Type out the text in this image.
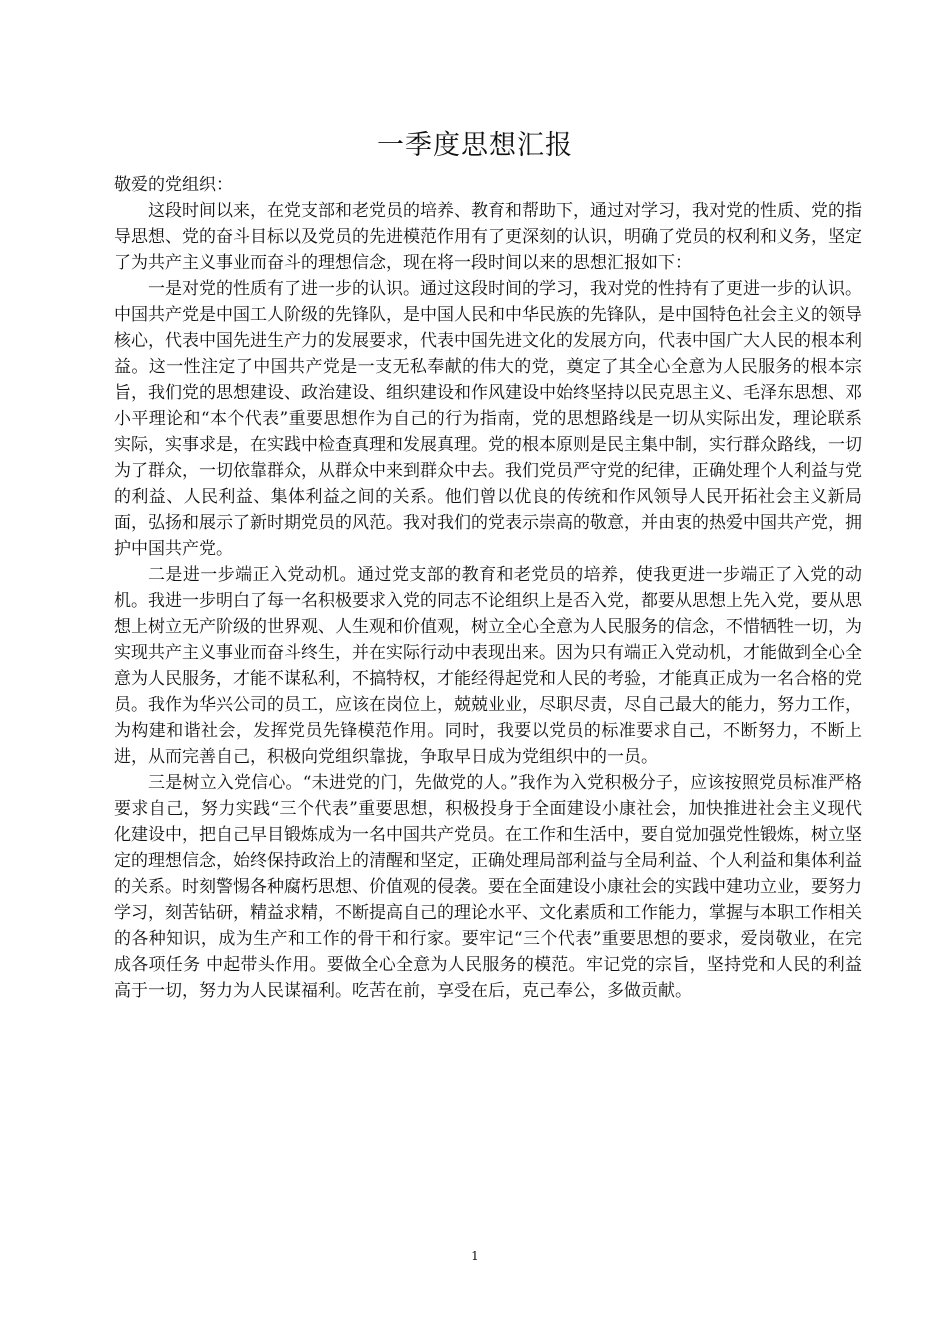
一季度思想汇报

敬爱的党组织：

这段时间以来，在党支部和老党员的培养、教育和帮助下，通过对学习，我对党的性质、党的指导思想、党的奋斗目标以及党员的先进模范作用有了更深刻的认识，明确了党员的权利和义务，坚定了为共产主义事业而奋斗的理想信念，现在将一段时间以来的思想汇报如下：

一是对党的性质有了进一步的认识。通过这段时间的学习，我对党的性持有了更进一步的认识。中国共产党是中国工人阶级的先锋队，是中国人民和中华民族的先锋队，是中国特色社会主义的领导核心，代表中国先进生产力的发展要求，代表中国先进文化的发展方向，代表中国广大人民的根本利益。这一性注定了中国共产党是一支无私奉献的伟大的党，奠定了其全心全意为人民服务的根本宗旨，我们党的思想建设、政治建设、组织建设和作风建设中始终坚持以民克思主义、毛泽东思想、邓小平理论和“本个代表”重要思想作为自己的行为指南，党的思想路线是一切从实际出发，理论联系实际，实事求是，在实践中检查真理和发展真理。党的根本原则是民主集中制，实行群众路线，一切为了群众，一切依靠群众，从群众中来到群众中去。我们党员严守党的纪律，正确处理个人利益与党的利益、人民利益、集体利益之间的关系。他们曾以优良的传统和作风领导人民开拓社会主义新局面，弘扬和展示了新时期党员的风范。我对我们的党表示崇高的敬意，并由衷的热爱中国共产党，拥护中国共产党。

二是进一步端正入党动机。通过党支部的教育和老党员的培养，使我更进一步端正了入党的动机。我进一步明白了每一名积极要求入党的同志不论组织上是否入党，都要从思想上先入党，要从思想上树立无产阶级的世界观、人生观和价值观，树立全心全意为人民服务的信念，不惜牺牲一切，为实现共产主义事业而奋斗终生，并在实际行动中表现出来。因为只有端正入党动机，才能做到全心全意为人民服务，才能不谋私利，不搞特权，才能经得起党和人民的考验，才能真正成为一名合格的党员。我作为华兴公司的员工，应该在岗位上，兢兢业业，尽职尽责，尽自己最大的能力，努力工作，为构建和谐社会，发挥党员先锋模范作用。同时，我要以党员的标准要求自己，不断努力，不断上进，从而完善自己，积极向党组织靠拢，争取早日成为党组织中的一员。

三是树立入党信心。“未进党的门，先做党的人。”我作为入党积极分子，应该按照党员标准严格要求自己，努力实践“三个代表”重要思想，积极投身于全面建设小康社会，加快推进社会主义现代化建设中，把自己早目锻炼成为一名中国共产党员。在工作和生活中，要自觉加强党性锻炼，树立坚定的理想信念，始终保持政治上的清醒和坚定，正确处理局部利益与全局利益、个人利益和集体利益的关系。时刻警惕各种腐朽思想、价值观的侵袭。要在全面建设小康社会的实践中建功立业，要努力学习，刻苦钻研，精益求精，不断提高自己的理论水平、文化素质和工作能力，掌握与本职工作相关的各种知识，成为生产和工作的骨干和行家。要牢记“三个代表”重要思想的要求，爱岗敬业，在完成各项任务 中起带头作用。要做全心全意为人民服务的模范。牢记党的宗旨，坚持党和人民的利益高于一切，努力为人民谋福利。吃苦在前，享受在后，克己奉公，多做贡献。

1
